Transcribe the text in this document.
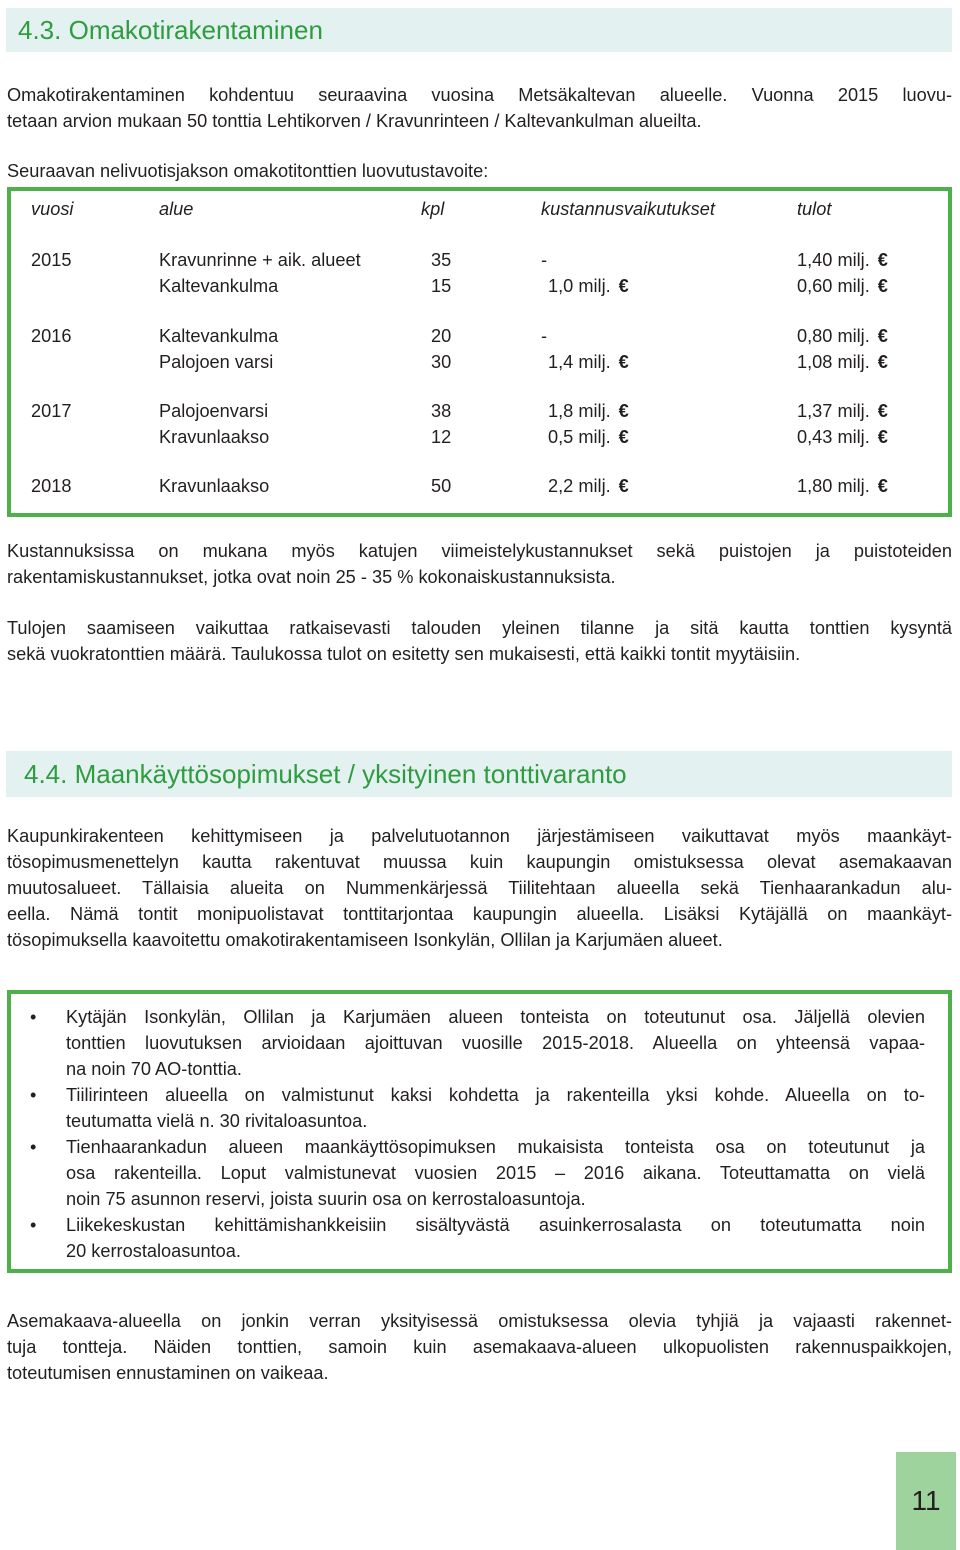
4.3. Omakotirakentaminen
Omakotirakentaminen kohdentuu seuraavina vuosina Metsäkaltevan alueelle. Vuonna 2015 luovu-
tetaan arvion mukaan 50 tonttia Lehtikorven / Kravunrinteen / Kaltevankulman alueilta.
Seuraavan nelivuotisjakson omakotitonttien luovutustavoite:
vuosi	alue	kpl	kustannusvaikutukset	tulot
2015	Kravunrinne + aik. alueet	35	-	1,40 milj. €
Kaltevankulma	15	1,0 milj. €	0,60 milj. €
2016	Kaltevankulma	20	-	0,80 milj. €
Palojoen varsi	30	1,4 milj. €	1,08 milj. €
2017	Palojoenvarsi	38	1,8 milj. €	1,37 milj. €
Kravunlaakso	12	0,5 milj. €	0,43 milj. €
2018	Kravunlaakso	50	2,2 milj. €	1,80 milj. €
Kustannuksissa on mukana myös katujen viimeistelykustannukset sekä puistojen ja puistoteiden
rakentamiskustannukset, jotka ovat noin 25 - 35 % kokonaiskustannuksista.
Tulojen saamiseen vaikuttaa ratkaisevasti talouden yleinen tilanne ja sitä kautta tonttien kysyntä
sekä vuokratonttien määrä. Taulukossa tulot on esitetty sen mukaisesti, että kaikki tontit myytäisiin.
4.4. Maankäyttösopimukset / yksityinen tonttivaranto
Kaupunkirakenteen kehittymiseen ja palvelutuotannon järjestämiseen vaikuttavat myös maankäyt-
tösopimusmenettelyn kautta rakentuvat muussa kuin kaupungin omistuksessa olevat asemakaavan
muutosalueet. Tällaisia alueita on Nummenkärjessä Tiilitehtaan alueella sekä Tienhaarankadun alu-
eella. Nämä tontit monipuolistavat tonttitarjontaa kaupungin alueella. Lisäksi Kytäjällä on maankäyt-
tösopimuksella kaavoitettu omakotirakentamiseen Isonkylän, Ollilan ja Karjumäen alueet.
• Kytäjän Isonkylän, Ollilan ja Karjumäen alueen tonteista on toteutunut osa. Jäljellä olevien
tonttien luovutuksen arvioidaan ajoittuvan vuosille 2015-2018. Alueella on yhteensä vapaa-
na noin 70 AO-tonttia.
• Tiilirinteen alueella on valmistunut kaksi kohdetta ja rakenteilla yksi kohde. Alueella on to-
teutumatta vielä n. 30 rivitaloasuntoa.
• Tienhaarankadun alueen maankäyttösopimuksen mukaisista tonteista osa on toteutunut ja
osa rakenteilla. Loput valmistunevat vuosien 2015 – 2016 aikana. Toteuttamatta on vielä
noin 75 asunnon reservi, joista suurin osa on kerrostaloasuntoja.
• Liikekeskustan kehittämishankkeisiin sisältyvästä asuinkerrosalasta on toteutumatta noin
20 kerrostaloasuntoa.
Asemakaava-alueella on jonkin verran yksityisessä omistuksessa olevia tyhjiä ja vajaasti rakennet-
tuja tontteja. Näiden tonttien, samoin kuin asemakaava-alueen ulkopuolisten rakennuspaikkojen,
toteutumisen ennustaminen on vaikeaa.
11
